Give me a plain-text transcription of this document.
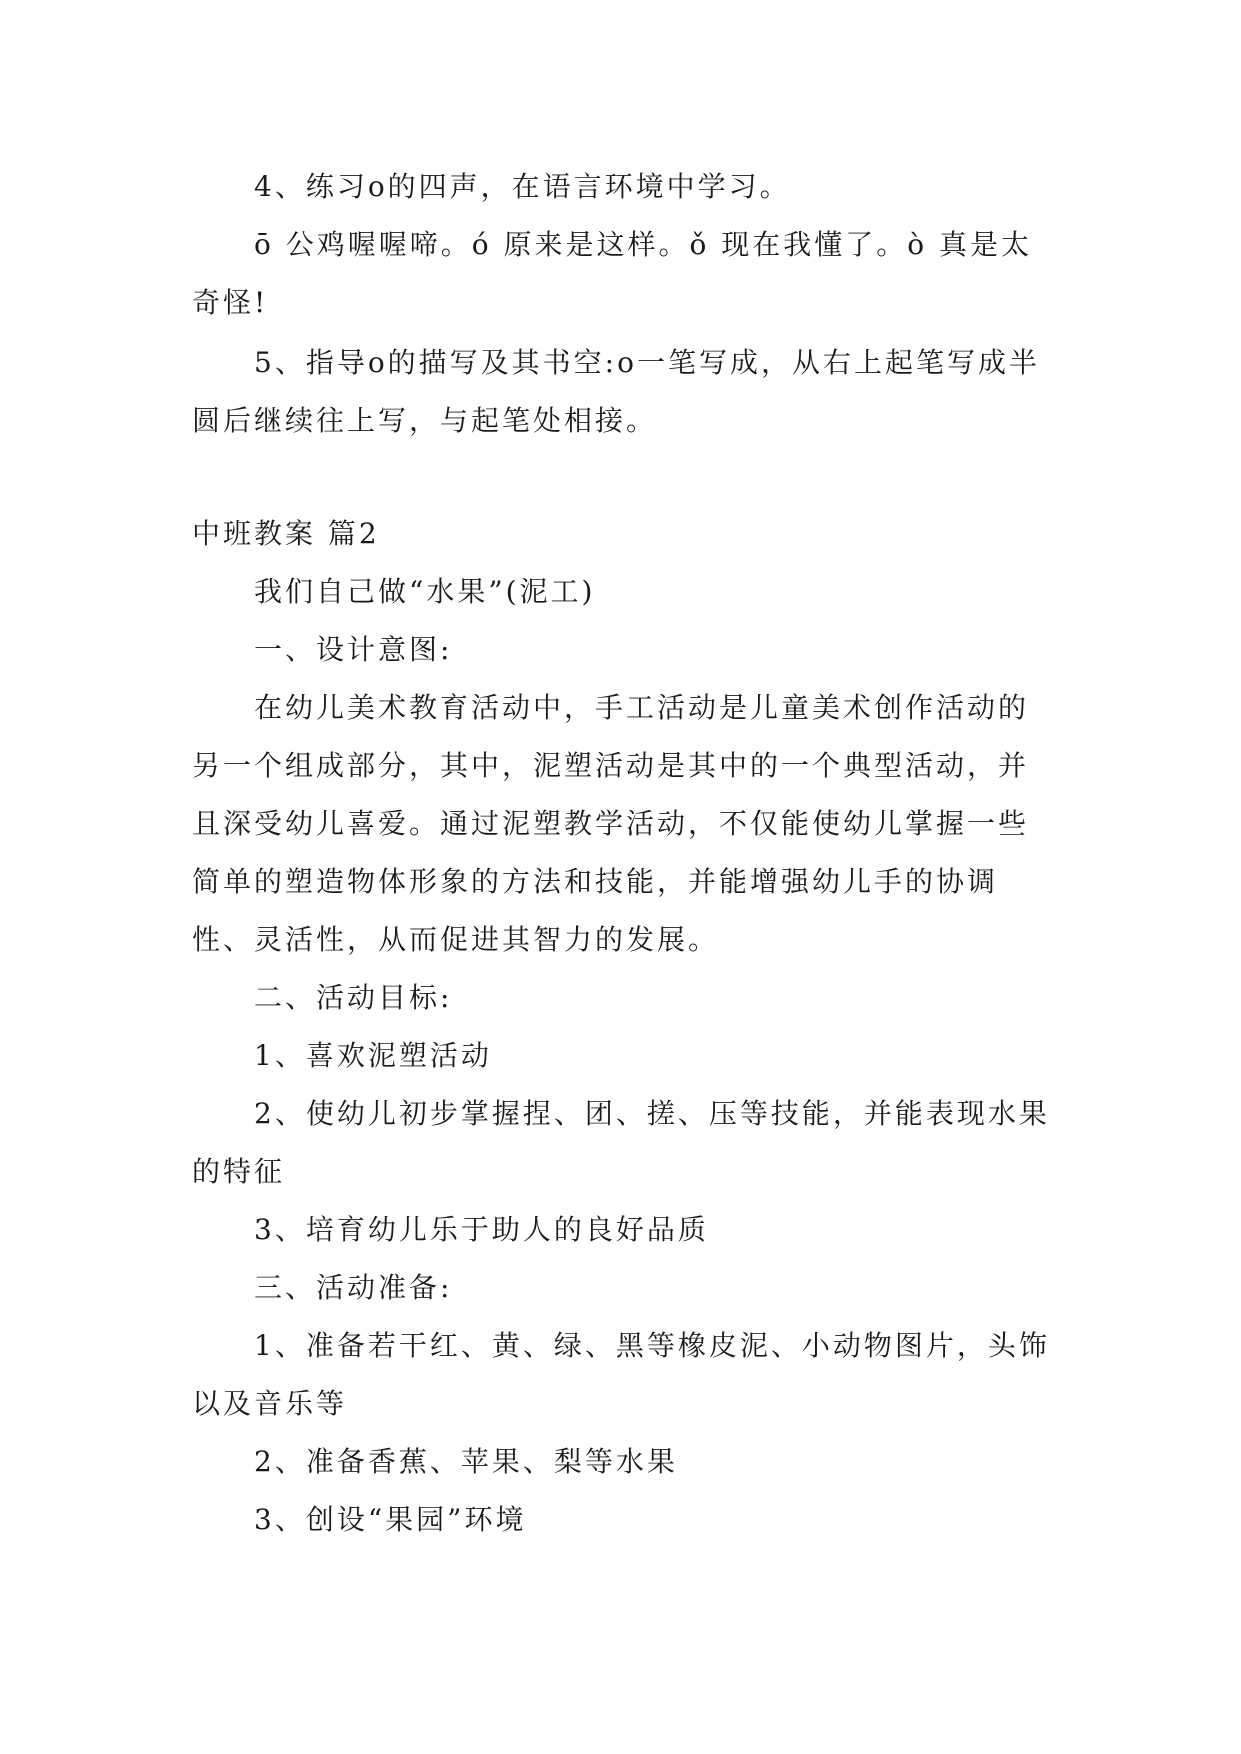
4、练习o的四声，在语言环境中学习。

ō 公鸡喔喔啼。ó 原来是这样。ǒ 现在我懂了。ò 真是太奇怪!

5、指导o的描写及其书空:o一笔写成，从右上起笔写成半圆后继续往上写，与起笔处相接。

中班教案 篇2

我们自己做“水果”(泥工)

一、设计意图:

在幼儿美术教育活动中，手工活动是儿童美术创作活动的另一个组成部分，其中，泥塑活动是其中的一个典型活动，并且深受幼儿喜爱。通过泥塑教学活动，不仅能使幼儿掌握一些简单的塑造物体形象的方法和技能，并能增强幼儿手的协调性、灵活性，从而促进其智力的发展。

二、活动目标:

1、喜欢泥塑活动

2、使幼儿初步掌握捏、团、搓、压等技能，并能表现水果的特征

3、培育幼儿乐于助人的良好品质

三、活动准备:

1、准备若干红、黄、绿、黑等橡皮泥、小动物图片，头饰以及音乐等

2、准备香蕉、苹果、梨等水果

3、创设“果园”环境
